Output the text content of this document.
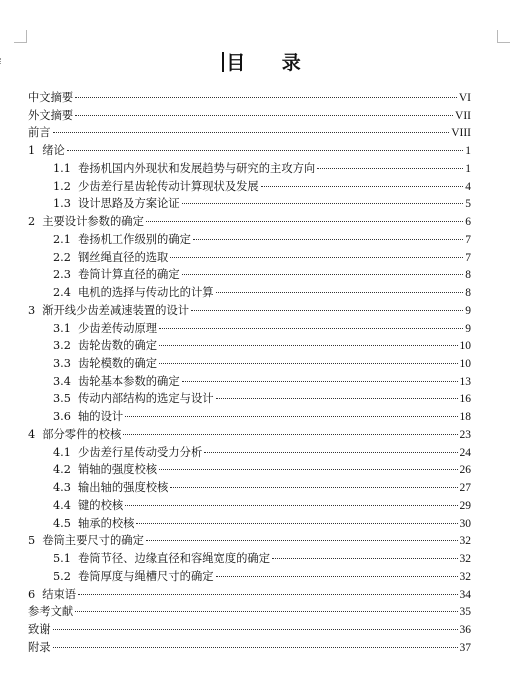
目 录
中文摘要	VI
外文摘要	VII
前言	VIII
1 绪论	1
1.1 卷扬机国内外现状和发展趋势与研究的主攻方向	1
1.2 少齿差行星齿轮传动计算现状及发展	4
1.3 设计思路及方案论证	5
2 主要设计参数的确定	6
2.1 卷扬机工作级别的确定	7
2.2 钢丝绳直径的选取	7
2.3 卷筒计算直径的确定	8
2.4 电机的选择与传动比的计算	8
3 渐开线少齿差减速装置的设计	9
3.1 少齿差传动原理	9
3.2 齿轮齿数的确定	10
3.3 齿轮模数的确定	10
3.4 齿轮基本参数的确定	13
3.5 传动内部结构的选定与设计	16
3.6 轴的设计	18
4 部分零件的校核	23
4.1 少齿差行星传动受力分析	24
4.2 销轴的强度校核	26
4.3 输出轴的强度校核	27
4.4 键的校核	29
4.5 轴承的校核	30
5 卷筒主要尺寸的确定	32
5.1 卷筒节径、边缘直径和容绳宽度的确定	32
5.2 卷筒厚度与绳槽尺寸的确定	32
6 结束语	34
参考文献	35
致谢	36
附录	37
